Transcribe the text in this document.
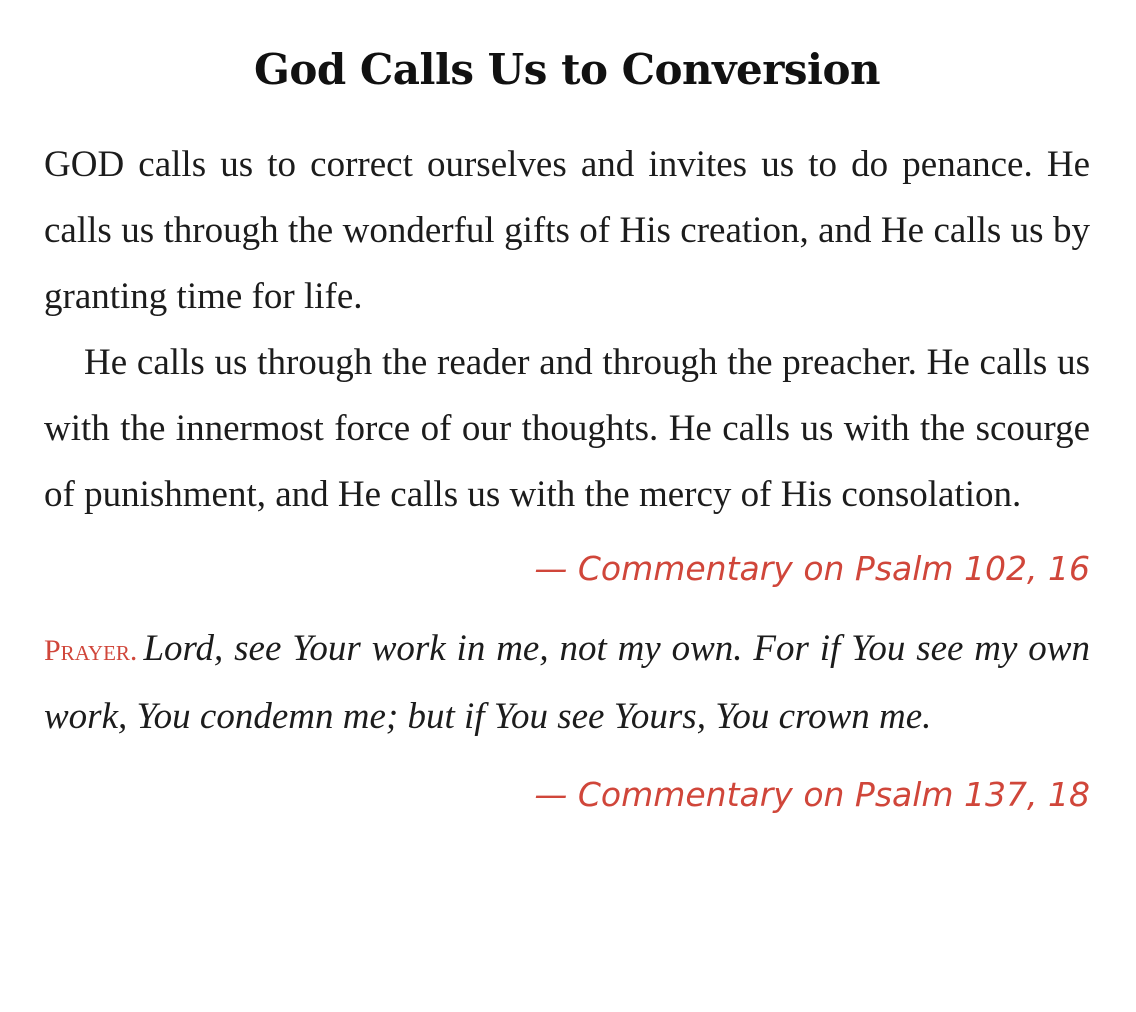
God Calls Us to Conversion

GOD calls us to correct ourselves and invites us to do penance. He calls us through the wonderful gifts of His creation, and He calls us by granting time for life.

He calls us through the reader and through the preacher. He calls us with the innermost force of our thoughts. He calls us with the scourge of punishment, and He calls us with the mercy of His consolation.

— Commentary on Psalm 102, 16

Prayer. Lord, see Your work in me, not my own. For if You see my own work, You condemn me; but if You see Yours, You crown me.

— Commentary on Psalm 137, 18
